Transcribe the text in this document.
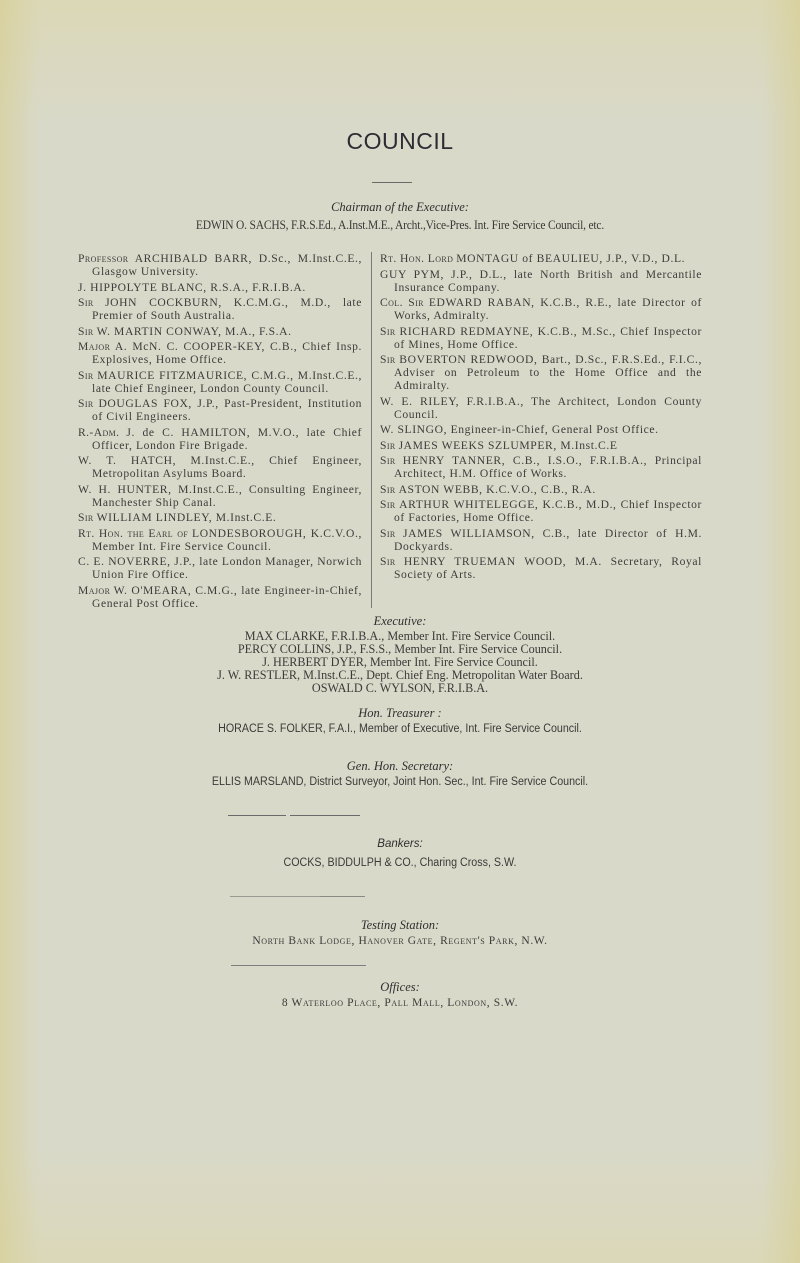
COUNCIL
Chairman of the Executive:
EDWIN O. SACHS, F.R.S.Ed., A.Inst.M.E., Archt.,Vice-Pres. Int. Fire Service Council, etc.
Professor ARCHIBALD BARR, D.Sc., M.Inst.C.E., Glasgow University.
J. HIPPOLYTE BLANC, R.S.A., F.R.I.B.A.
Sir JOHN COCKBURN, K.C.M.G., M.D., late Premier of South Australia.
Sir W. MARTIN CONWAY, M.A., F.S.A.
Major A. McN. C. COOPER-KEY, C.B., Chief Insp. Explosives, Home Office.
Sir MAURICE FITZMAURICE, C.M.G., M.Inst.C.E., late Chief Engineer, London County Council.
Sir DOUGLAS FOX, J.P., Past-President, Institution of Civil Engineers.
R.-Adm. J. de C. HAMILTON, M.V.O., late Chief Officer, London Fire Brigade.
W. T. HATCH, M.Inst.C.E., Chief Engineer, Metropolitan Asylums Board.
W. H. HUNTER, M.Inst.C.E., Consulting Engineer, Manchester Ship Canal.
Sir WILLIAM LINDLEY, M.Inst.C.E.
Rt. Hon. the Earl of LONDESBOROUGH, K.C.V.O., Member Int. Fire Service Council.
C. E. NOVERRE, J.P., late London Manager, Norwich Union Fire Office.
Major W. O'MEARA, C.M.G., late Engineer-in-Chief, General Post Office.
Rt. Hon. Lord MONTAGU of BEAULIEU, J.P., V.D., D.L.
GUY PYM, J.P., D.L., late North British and Mercantile Insurance Company.
Col. Sir EDWARD RABAN, K.C.B., R.E., late Director of Works, Admiralty.
Sir RICHARD REDMAYNE, K.C.B., M.Sc., Chief Inspector of Mines, Home Office.
Sir BOVERTON REDWOOD, Bart., D.Sc., F.R.S.Ed., F.I.C., Adviser on Petroleum to the Home Office and the Admiralty.
W. E. RILEY, F.R.I.B.A., The Architect, London County Council.
W. SLINGO, Engineer-in-Chief, General Post Office.
Sir JAMES WEEKS SZLUMPER, M.Inst.C.E
Sir HENRY TANNER, C.B., I.S.O., F.R.I.B.A., Principal Architect, H.M. Office of Works.
Sir ASTON WEBB, K.C.V.O., C.B., R.A.
Sir ARTHUR WHITELEGGE, K.C.B., M.D., Chief Inspector of Factories, Home Office.
Sir JAMES WILLIAMSON, C.B., late Director of H.M. Dockyards.
Sir HENRY TRUEMAN WOOD, M.A. Secretary, Royal Society of Arts.
Executive:
MAX CLARKE, F.R.I.B.A., Member Int. Fire Service Council.
PERCY COLLINS, J.P., F.S.S., Member Int. Fire Service Council.
J. HERBERT DYER, Member Int. Fire Service Council.
J. W. RESTLER, M.Inst.C.E., Dept. Chief Eng. Metropolitan Water Board.
OSWALD C. WYLSON, F.R.I.B.A.
Hon. Treasurer :
HORACE S. FOLKER, F.A.I., Member of Executive, Int. Fire Service Council.
Gen. Hon. Secretary:
ELLIS MARSLAND, District Surveyor, Joint Hon. Sec., Int. Fire Service Council.
Bankers:
COCKS, BIDDULPH & CO., Charing Cross, S.W.
Testing Station:
North Bank Lodge, Hanover Gate, Regent's Park, N.W.
Offices:
8 Waterloo Place, Pall Mall, London, S.W.
